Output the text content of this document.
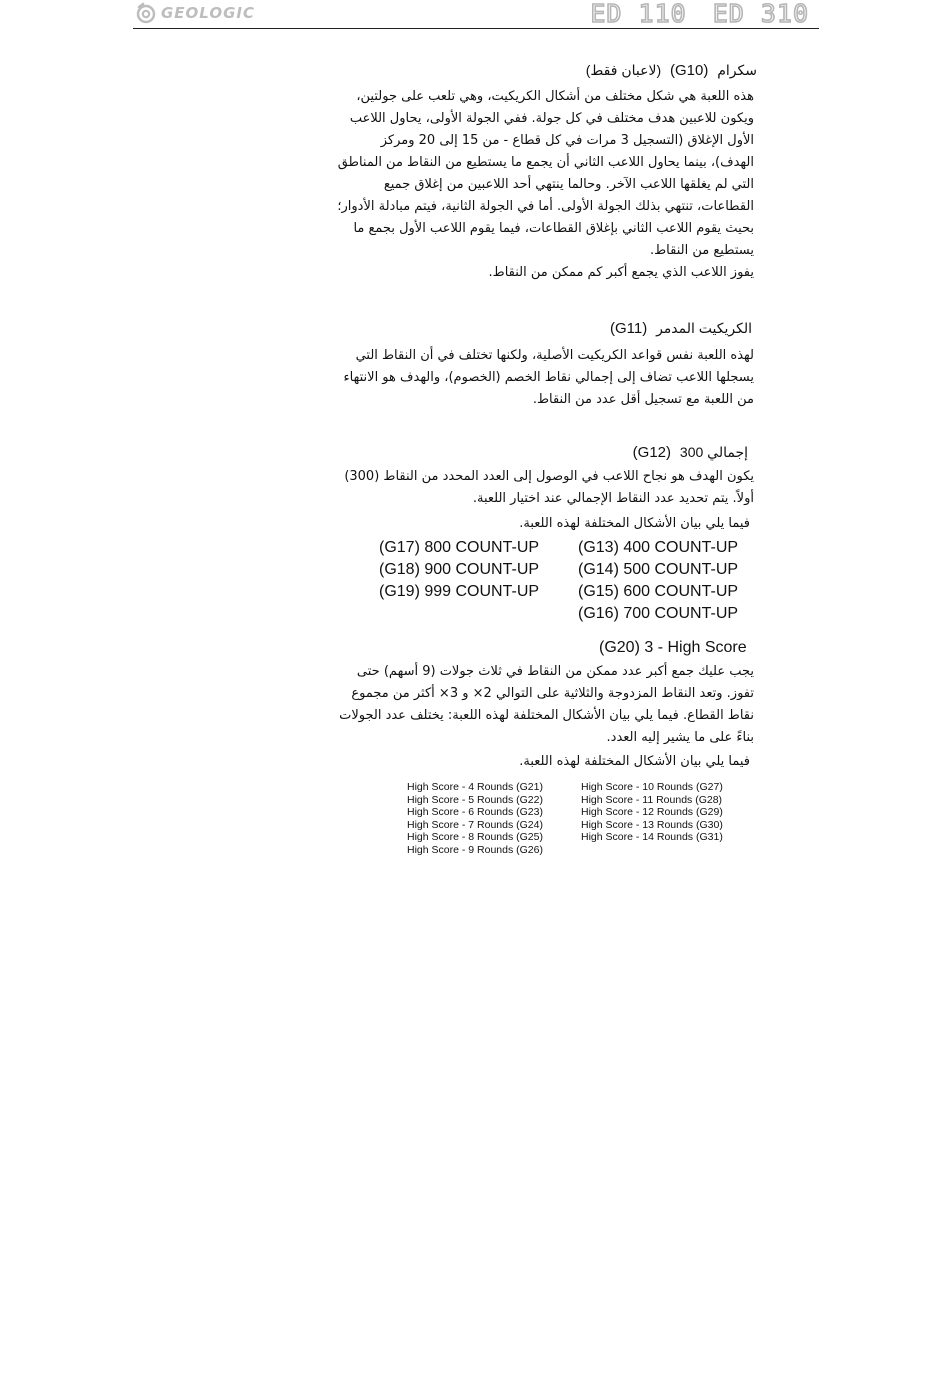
GEOLOGIC	ED 110 ED 310
سكرام (G10) (لاعبان فقط)

هذه اللعبة هي شكل مختلف من أشكال الكريكيت، وهي تلعب على جولتين،

ويكون للاعبين هدف مختلف في كل جولة. ففي الجولة الأولى، يحاول اللاعب

الأول الإغلاق (التسجيل 3 مرات في كل قطاع - من 15 إلى 20 ومركز

الهدف)، بينما يحاول اللاعب الثاني أن يجمع ما يستطيع من النقاط من المناطق

التي لم يغلقها اللاعب الآخر. وحالما ينتهي أحد اللاعبين من إغلاق جميع

القطاعات، تنتهي بذلك الجولة الأولى. أما في الجولة الثانية، فيتم مبادلة الأدوار؛

بحيث يقوم اللاعب الثاني بإغلاق القطاعات، فيما يقوم اللاعب الأول بجمع ما

يستطيع من النقاط.

يفوز اللاعب الذي يجمع أكبر كم ممكن من النقاط.

الكريكيت المدمر (G11)

لهذه اللعبة نفس قواعد الكريكيت الأصلية، ولكنها تختلف في أن النقاط التي

يسجلها اللاعب تضاف إلى إجمالي نقاط الخصم (الخصوم)، والهدف هو الانتهاء

من اللعبة مع تسجيل أقل عدد من النقاط.

إجمالي 300 (G12)

يكون الهدف هو نجاح اللاعب في الوصول إلى العدد المحدد من النقاط (300)

أولاً. يتم تحديد عدد النقاط الإجمالي عند اختيار اللعبة.

فيما يلي بيان الأشكال المختلفة لهذه اللعبة.
(G13) 400 COUNT-UP
(G14) 500 COUNT-UP
(G15) 600 COUNT-UP
(G16) 700 COUNT-UP
(G17) 800 COUNT-UP
(G18) 900 COUNT-UP
(G19) 999 COUNT-UP
(G20) 3 - High Score

يجب عليك جمع أكبر عدد ممكن من النقاط في ثلاث جولات (9 أسهم) حتى

تفوز. وتعد النقاط المزدوجة والثلاثية على التوالي 2× و 3× أكثر من مجموع

نقاط القطاع. فيما يلي بيان الأشكال المختلفة لهذه اللعبة: يختلف عدد الجولات

بناءً على ما يشير إليه العدد.

فيما يلي بيان الأشكال المختلفة لهذه اللعبة.
High Score - 4 Rounds (G21)
High Score - 5 Rounds (G22)
High Score - 6 Rounds (G23)
High Score - 7 Rounds (G24)
High Score - 8 Rounds (G25)
High Score - 9 Rounds (G26)
High Score - 10 Rounds (G27)
High Score - 11 Rounds (G28)
High Score - 12 Rounds (G29)
High Score - 13 Rounds (G30)
High Score - 14 Rounds (G31)
